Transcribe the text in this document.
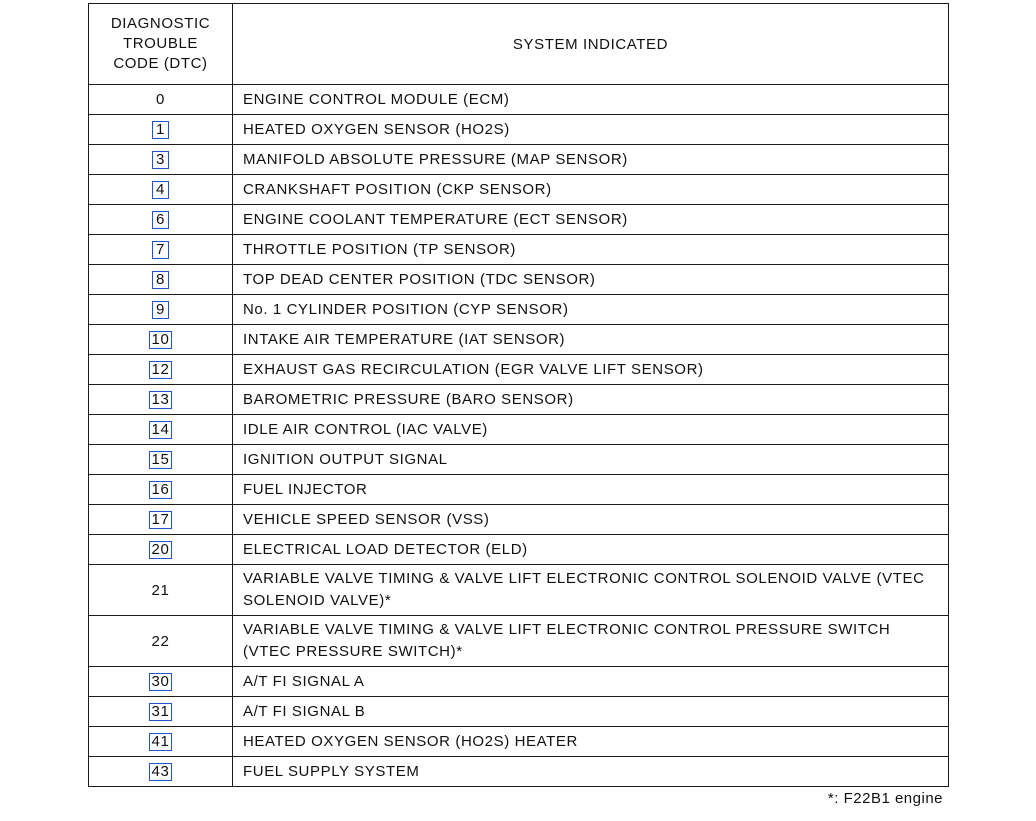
DIAGNOSTIC
TROUBLE
CODE (DTC)	SYSTEM INDICATED
0	ENGINE CONTROL MODULE (ECM)
1	HEATED OXYGEN SENSOR (HO2S)
3	MANIFOLD ABSOLUTE PRESSURE (MAP SENSOR)
4	CRANKSHAFT POSITION (CKP SENSOR)
6	ENGINE COOLANT TEMPERATURE (ECT SENSOR)
7	THROTTLE POSITION (TP SENSOR)
8	TOP DEAD CENTER POSITION (TDC SENSOR)
9	No. 1 CYLINDER POSITION (CYP SENSOR)
10	INTAKE AIR TEMPERATURE (IAT SENSOR)
12	EXHAUST GAS RECIRCULATION (EGR VALVE LIFT SENSOR)
13	BAROMETRIC PRESSURE (BARO SENSOR)
14	IDLE AIR CONTROL (IAC VALVE)
15	IGNITION OUTPUT SIGNAL
16	FUEL INJECTOR
17	VEHICLE SPEED SENSOR (VSS)
20	ELECTRICAL LOAD DETECTOR (ELD)
21	VARIABLE VALVE TIMING & VALVE LIFT ELECTRONIC CONTROL SOLENOID VALVE (VTEC SOLENOID VALVE)*
22	VARIABLE VALVE TIMING & VALVE LIFT ELECTRONIC CONTROL PRESSURE SWITCH (VTEC PRESSURE SWITCH)*
30	A/T FI SIGNAL A
31	A/T FI SIGNAL B
41	HEATED OXYGEN SENSOR (HO2S) HEATER
43	FUEL SUPPLY SYSTEM
*: F22B1 engine
